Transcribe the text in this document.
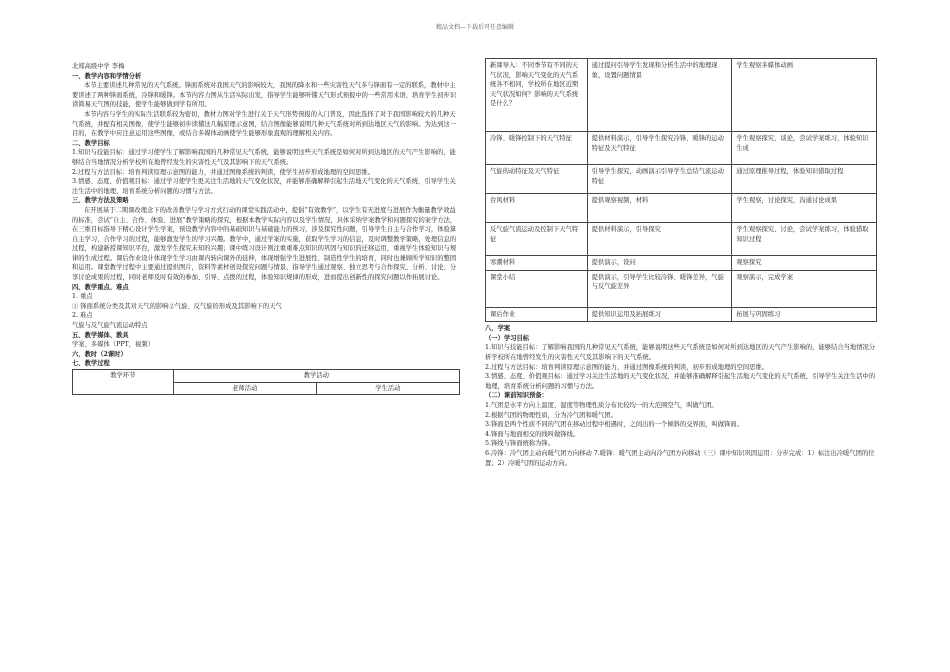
精品文档---下载后可任意编辑

北郑高级中学 李梅

一、教学内容和学情分析

本节主要讲述几种常见的天气系统。锋面系统对我国天气的影响较大，我国的降水和一些灾害性天气多与锋面有一定的联系，教材中主要讲述了两种锋面系统，冷锋和暖锋。本节内容力图从生活实际出发，指导学生能够听懂天气形式预报中的一些常用术语，培育学生初步识读简易天气图的技能，使学生能够做到学有所用。

本节内容与学生的实际生活联系较为密切，教材力图对学生进行关于天气形势预报的入门普及，因此选择了对于我国影响较大的几种天气系统，并配有相关图像，使学生能够初步读懂这几幅原理示意图，结合图像能够说明几种天气系统对所到达地区天气的影响。为达到这一目的，在教学中应注意运用这些图像，或结合多媒体动画使学生能够形象直观的理解相关内容。

二、教学目标

1.知识与技能目标：通过学习使学生了解影响我国的几种常见天气系统，能够说明这些天气系统是如何对所到达地区的天气产生影响的，能够结合当地情况分析学校所在地曾经发生的灾害性天气及其影响下的天气系统。

2.过程与方法目标：培育判读原理示意图的能力，并通过图像系统的判读，使学生初步形成地理的空间思维。

3.情感、态度、价值观目标：通过学习使学生更关注生活地的天气变化状况，并能够准确解释引起生活地天气变化的天气系统，引导学生关注生活中的地理，培育系统分析问题的习惯与方法。

三、教学方法及策略

在开展基于二期课改理念下的改善教学与学习方式行动的课堂实践活动中，提倡“有效教学”，以学生有无进度与进展作为衡量教学效益的标准，尝试“自主、合作、体验、进展”教学策略的探究，根据本教学实际内容以及学生情况，具体采纳学案教学和问题探究的案学方法，在三维目标指导下精心设计学生学案，预设教学内容中的基础知识与基础能力的预习，涉及探究性问题，引导学生自主与合作学习，体验算自主学习、合作学习的过程，能够激发学生的学习兴趣。教学中，通过学案的实施，获取学生学习的信息，及时调整教学策略，处理信息的过程，构建新授课知识平台，激发学生探究未知的兴趣；课中练习设计则注重重难点知识的巩固与知识的迁移运用，重视学生体验知识与规律的生成过程。课后作业设计体现学生学习由课内转向课外的延伸，体现增强学生进展性、制造性学生的培育，同时也兼顾所学知识的整固和运用。课堂教学过程中主要通过提供图片，资料等素材创设探究问题与情景，指导学生通过观察、独立思考与合作探究、分析、讨论、分享讨论成果的过程，同时老师及时有效的参加、引导、点拨的过程，体验知识规律的形成，进而提出创新性的探究问题以作拓展讨论。

四、教学重点、难点

1. 重点

① 锋面系统分类及其对天气的影响②气旋、反气旋的形成及其影响下的天气

2. 难点

气旋与反气旋气流运动特点

五、教学媒体、教具

学案、多媒体（PPT，视频）

六、教时（2课时）

七、教学过程

教学环节	教学活动	
	老师活动	学生活动
新课导入：不同季节有不同的天气状况，影响天气变化的天气系统各不相同，学校所在地区近期天气状况如何？影响的天气系统是什么？	通过提问引导学生发现和分析生活中的地理现象，设置问题情景	学生观察多媒体动画
冷锋、暖锋控制下的天气特征	提供材料演示，引导学生探究冷锋、暖锋的运动特征及天气特征	学生观察探究、谈论，尝试学案练习，体验知识生成
气旋的动特征及天气特征	引导学生探究，动画演示引导学生总结气流运动特征	通过原理推导过程，体验知识猎取过程
台风材料	提供观察视频，材料	学生观察，讨论探究，沟通讨论成果
反气旋气流运动及控制下天气特征	提供材料演示，引导探究	学生观察探究、讨论，尝试学案练习，体验猎取知识过程
寒潮材料	提供演示，设问	观察探究
课堂小结	提供演示，引导学生比较冷锋、暖锋差异，气旋与反气旋差异	观察演示，完成学案
课后作业	提供知识运用及拓展练习	拓展与巩固练习

八、学案

（一）学习目标

1.知识与技能目标：了解影响我国的几种常见天气系统，能够说明这些天气系统是如何对所到达地区的天气产生影响的，能够结合当地情况分析学校所在地曾经发生的灾害性天气及其影响下的天气系统。

2.过程与方法目标：培育判读原理示意图的能力，并通过图像系统的判读，初步形成地理的空间思维。

3.情感、态度、价值观目标：通过学习关注生活地的天气变化状况，并能够准确解释引起生活地天气变化的天气系统，引导学生关注生活中的地理，培育系统分析问题的习惯与方法。

（二）课前知识预备：

1.气团是水平方向上温度、湿度等物理性质分布比较均一的大范围空气，叫做气团。

2.根据气团的物理性质，分为冷气团和暖气团。

3.锋面是两个性质不同的气团在移动过程中相遇时，之间出的一个倾斜的交界面，叫做锋面。

4.锋面与地面相交的线叫做锋线。

5.锋线与锋面统称为锋。

6.冷锋：冷气团主动向暖气团方向移动 7.暖锋：暖气团主动向冷气团方向移动（三）课中知识巩固运用：分步完成：1）标注出冷暖气团的位置；2）冷暖气团的运动方向。
